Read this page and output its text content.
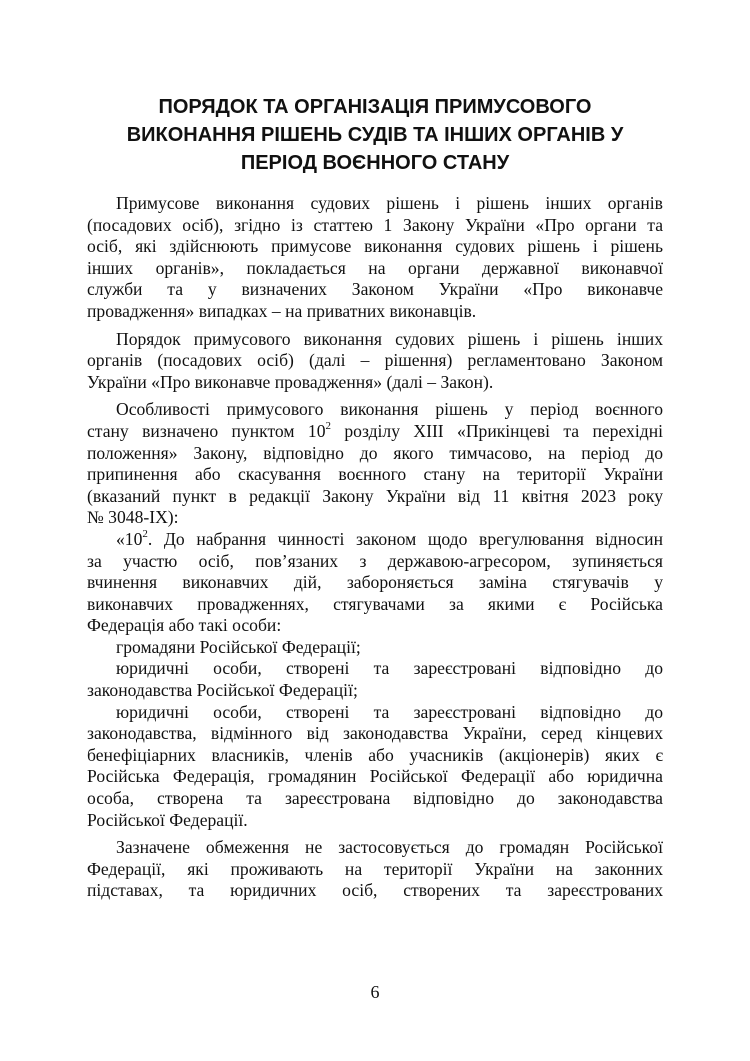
ПОРЯДОК ТА ОРГАНІЗАЦІЯ ПРИМУСОВОГО
ВИКОНАННЯ РІШЕНЬ СУДІВ ТА ІНШИХ ОРГАНІВ У
ПЕРІОД ВОЄННОГО СТАНУ
Примусове виконання судових рішень і рішень інших органів
(посадових осіб), згідно із статтею 1 Закону України «Про органи та
осіб, які здійснюють примусове виконання судових рішень і рішень
інших органів», покладається на органи державної виконавчої
служби та у визначених Законом України «Про виконавче
провадження» випадках – на приватних виконавців.
Порядок примусового виконання судових рішень і рішень інших
органів (посадових осіб) (далі – рішення) регламентовано Законом
України «Про виконавче провадження» (далі – Закон).
Особливості примусового виконання рішень у період воєнного
стану визначено пунктом $10^2$ розділу XIII «Прикінцеві та перехідні
положення» Закону, відповідно до якого тимчасово, на період до
припинення або скасування воєнного стану на території України
(вказаний пункт в редакції Закону України від 11 квітня 2023 року
№ 3048-IX):
«$10^2$. До набрання чинності законом щодо врегулювання відносин
за участю осіб, пов’язаних з державою-агресором, зупиняється
вчинення виконавчих дій, забороняється заміна стягувачів у
виконавчих провадженнях, стягувачами за якими є Російська
Федерація або такі особи:
громадяни Російської Федерації;
юридичні особи, створені та зареєстровані відповідно до
законодавства Російської Федерації;
юридичні особи, створені та зареєстровані відповідно до
законодавства, відмінного від законодавства України, серед кінцевих
бенефіціарних власників, членів або учасників (акціонерів) яких є
Російська Федерація, громадянин Російської Федерації або юридична
особа, створена та зареєстрована відповідно до законодавства
Російської Федерації.
Зазначене обмеження не застосовується до громадян Російської
Федерації, які проживають на території України на законних
підставах, та юридичних осіб, створених та зареєстрованих
6
